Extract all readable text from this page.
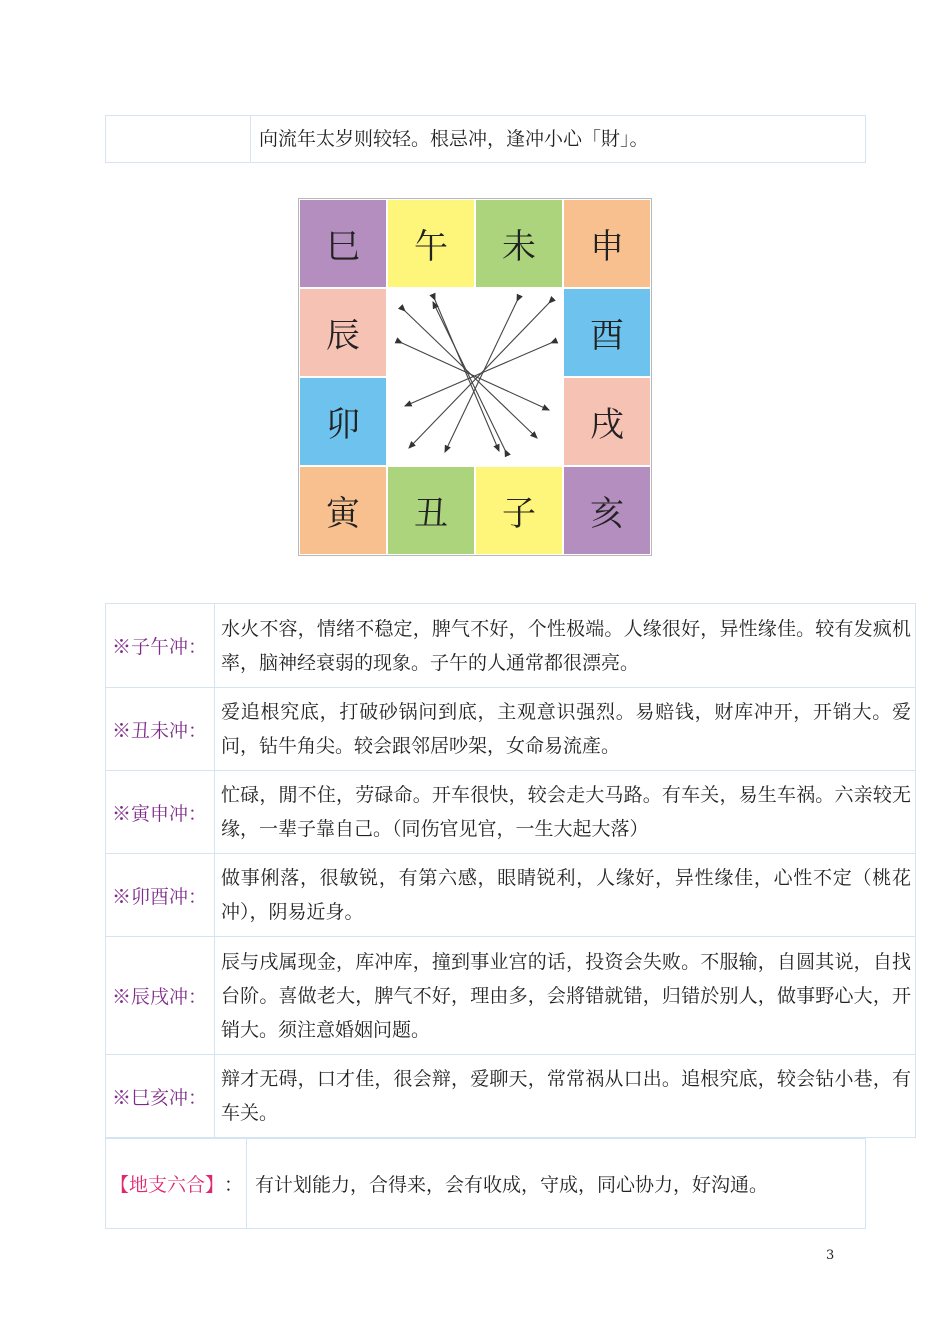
向流年太岁则较轻。根忌冲，逢冲小心「財」。
巳	午	未	申
辰	酉
卯	戌
寅	丑	子	亥
※子午冲：	水火不容，情绪不稳定，脾气不好，个性极端。人缘很好，异性缘佳。较有发疯机率，脑神经衰弱的现象。子午的人通常都很漂亮。
※丑未冲：	爱追根究底，打破砂锅问到底，主观意识强烈。易赔钱，财库冲开，开销大。爱问，钻牛角尖。较会跟邻居吵架，女命易流產。
※寅申冲：	忙碌，閒不住，劳碌命。开车很快，较会走大马路。有车关，易生车祸。六亲较无缘，一辈子靠自己。（同伤官见官，一生大起大落）
※卯酉冲：	做事俐落，很敏锐，有第六感，眼睛锐利，人缘好，异性缘佳，心性不定（桃花冲），阴易近身。
※辰戌冲：	辰与戌属现金，库冲库，撞到事业宫的话，投资会失败。不服输，自圆其说，自找台阶。喜做老大，脾气不好，理由多，会將错就错，归错於别人，做事野心大，开销大。须注意婚姻问题。
※巳亥冲：	辩才无碍，口才佳，很会辩，爱聊天，常常祸从口出。追根究底，较会钻小巷，有车关。
【地支六合】 ： 有计划能力，合得来，会有收成，守成，同心协力，好沟通。
3
